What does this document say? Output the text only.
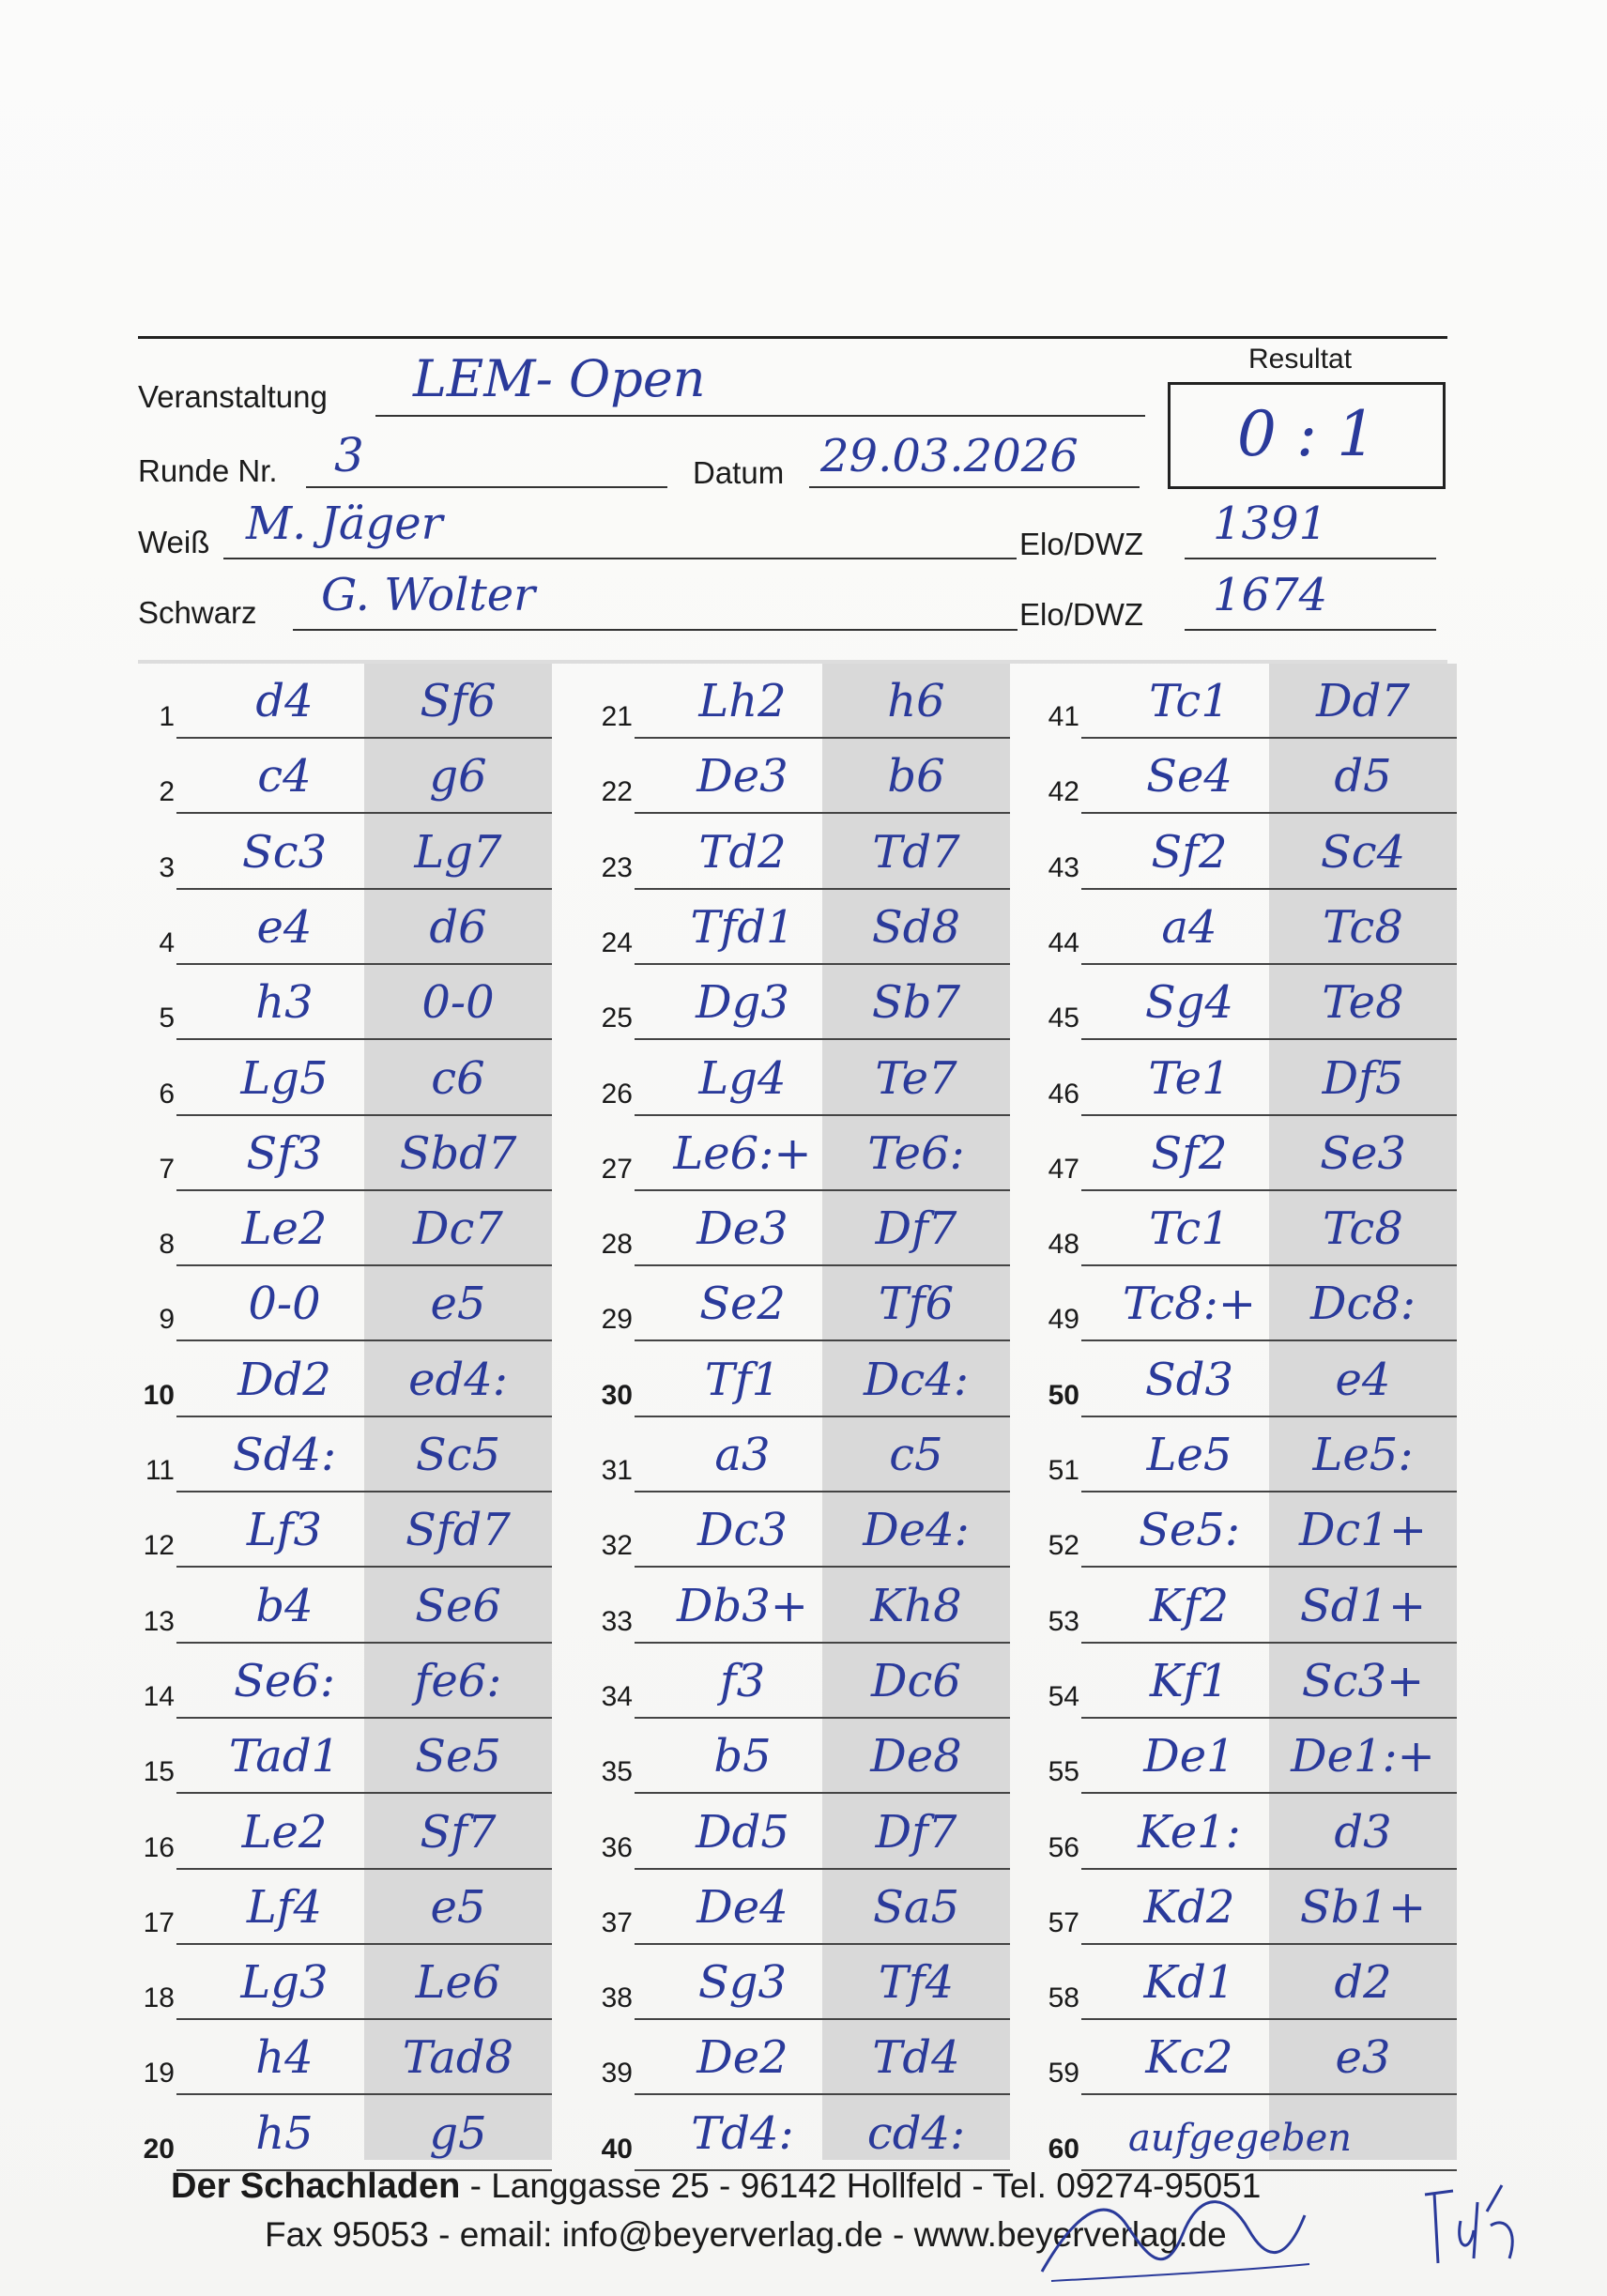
Resultat
0 : 1
Veranstaltung LEM- Open
Runde Nr. 3	Datum 29.03.2026
Weiß M. Jäger	Elo/DWZ 1391
Schwarz G. Wolter	Elo/DWZ 1674
1	d4	Sf6
2	c4	g6
3	Sc3	Lg7
4	e4	d6
5	h3	0-0
6	Lg5	c6
7	Sf3	Sbd7
8	Le2	Dc7
9	0-0	e5
10	Dd2	ed4:
11	Sd4:	Sc5
12	Lf3	Sfd7
13	b4	Se6
14	Se6:	fe6:
15	Tad1	Se5
16	Le2	Sf7
17	Lf4	e5
18	Lg3	Le6
19	h4	Tad8
20	h5	g5
21	Lh2	h6
22	De3	b6
23	Td2	Td7
24	Tfd1	Sd8
25	Dg3	Sb7
26	Lg4	Te7
27 Le6:+	Te6:
28	De3	Df7
29	Se2	Tf6
30	Tf1	Dc4:
31	a3	c5
32	Dc3	De4:
33 Db3+	Kh8
34	f3	Dc6
35	b5	De8
36	Dd5	Df7
37	De4	Sa5
38	Sg3	Tf4
39	De2	Td4
40	Td4:	cd4:
41	Tc1	Dd7
42	Se4	d5
43	Sf2	Sc4
44	a4	Tc8
45	Sg4	Te8
46	Te1	Df5
47	Sf2	Se3
48	Tc1	Tc8
49 Tc8:+	Dc8:
50	Sd3	e4
51	Le5	Le5:
52	Se5:	Dc1+
53	Kf2	Sd1+
54	Kf1	Sc3+
55	De1	De1:+
56	Ke1:	d3
57	Kd2	Sb1+
58	Kd1	d2
59	Kc2	e3
60 aufgegeben
Der Schachladen - Langgasse 25 - 96142 Hollfeld - Tel. 09274-95051
Fax 95053 - email: info@beyerverlag.de - www.beyerverlag.de
